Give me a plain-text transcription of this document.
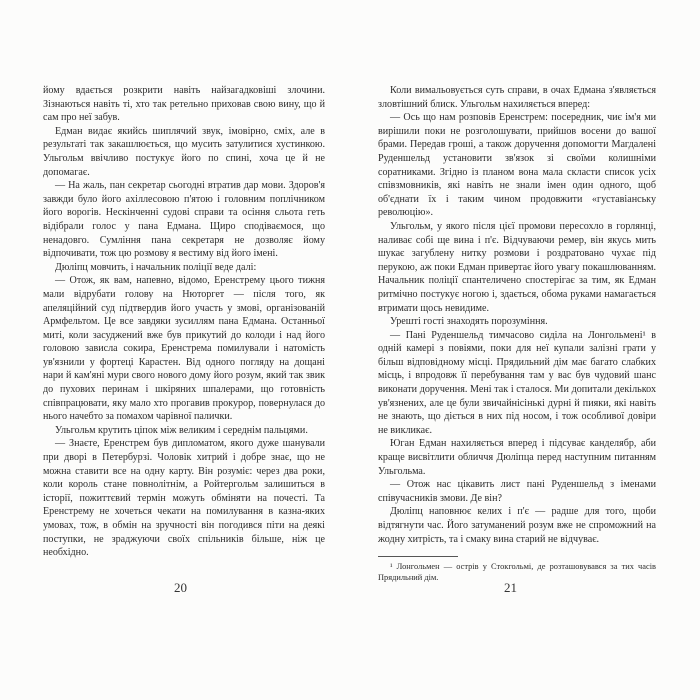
йому вдається розкрити навіть найзагадковіші злочини. Зізнаються навіть ті, хто так ретельно приховав свою вину, що й сам про неї забув.

Едман видає якийсь шиплячий звук, імовірно, сміх, але в результаті так закашлюється, що мусить затулитися хустинкою. Ульгольм ввічливо постукує його по спині, хоча це й не допомагає.

— На жаль, пан секретар сьогодні втратив дар мови. Здоров'я завжди було його ахіллесовою п'ятою і головним поплічником його ворогів. Нескінченні судові справи та осіння сльота геть відібрали голос у пана Едмана. Щиро сподіваємося, що ненадовго. Сумління пана секретаря не дозволяє йому відпочивати, тож цю розмову я вестиму від його імені.

Дюліпц мовчить, і начальник поліції веде далі:

— Отож, як вам, напевно, відомо, Еренстрему цього тижня мали відрубати голову на Нюторгет — після того, як апеляційний суд підтвердив його участь у змові, організованій Армфельтом. Це все завдяки зусиллям пана Едмана. Останньої миті, коли засуджений вже був прикутий до колоди і над його головою зависла сокира, Еренстрема помилували і натомість ув'язнили у фортеці Карастен. Від одного погляду на дощані нари й кам'яні мури свого нового дому його розум, який так звик до пухових перинам і шкіряних шпалерами, що готовність співпрацювати, яку мало хто прогавив прокурор, повернулася до нього начебто за помахом чарівної палички.

Ульгольм крутить ціпок між великим і середнім пальцями.

— Знаєте, Еренстрем був дипломатом, якого дуже шанували при дворі в Петербурзі. Чоловік хитрий і добре знає, що не можна ставити все на одну карту. Він розуміє: через два роки, коли король стане повнолітнім, а Ройтергольм залишиться в історії, пожиттєвий термін можуть обміняти на почесті. Та Еренстрему не хочеться чекати на помилування в казна-яких умовах, тож, в обмін на зручності він погодився піти на деякі поступки, не зраджуючи своїх спільників більше, ніж це необхідно.

20

Коли вимальовується суть справи, в очах Едмана з'являється зловтішний блиск. Ульгольм нахиляється вперед:

— Ось що нам розповів Еренстрем: посередник, чиє ім'я ми вирішили поки не розголошувати, прийшов восени до вашої брами. Передав гроші, а також доручення допомогти Магдалені Руденшельд установити зв'язок зі своїми колишніми соратниками. Згідно із планом вона мала скласти список усіх співзмовників, які навіть не знали імен один одного, щоб об'єднати їх і таким чином продовжити «густавіанську революцію».

Ульгольм, у якого після цієї промови пересохло в горлянці, наливає собі ще вина і п'є. Відчуваючи ремер, він якусь мить шукає загублену нитку розмови і роздратовано чухає під перукою, аж поки Едман привертає його увагу покашлюванням. Начальник поліції спантеличено спостерігає за тим, як Едман ритмічно постукує ногою і, здається, обома руками намагається втримати щось невидиме.

Урешті гості знаходять порозуміння.

— Пані Руденшельд тимчасово сиділа на Лонгольмені¹ в одній камері з повіями, поки для неї купали залізні грати у більш відповідному місці. Прядильний дім має багато слабких місць, і впродовж її перебування там у вас був чудовий шанс виконати доручення. Мені так і сталося. Ми допитали декількох ув'язнених, але це були звичайнісінькі дурні й пияки, які навіть не знають, що діється в них під носом, і тож особливої довіри не викликає.

Юган Едман нахиляється вперед і підсуває канделябр, аби краще висвітлити обличчя Дюліпца перед наступним питанням Ульгольма.

— Отож нас цікавить лист пані Руденшельд з іменами співучасників змови. Де він?

Дюліпц наповнює келих і п'є — радше для того, щоби відтягнути час. Його затуманений розум вже не спроможний на жодну хитрість, та і смаку вина старий не відчуває.

¹ Лонгольмен — острів у Стокгольмі, де розташовувався за тих часів Прядильний дім.
21
